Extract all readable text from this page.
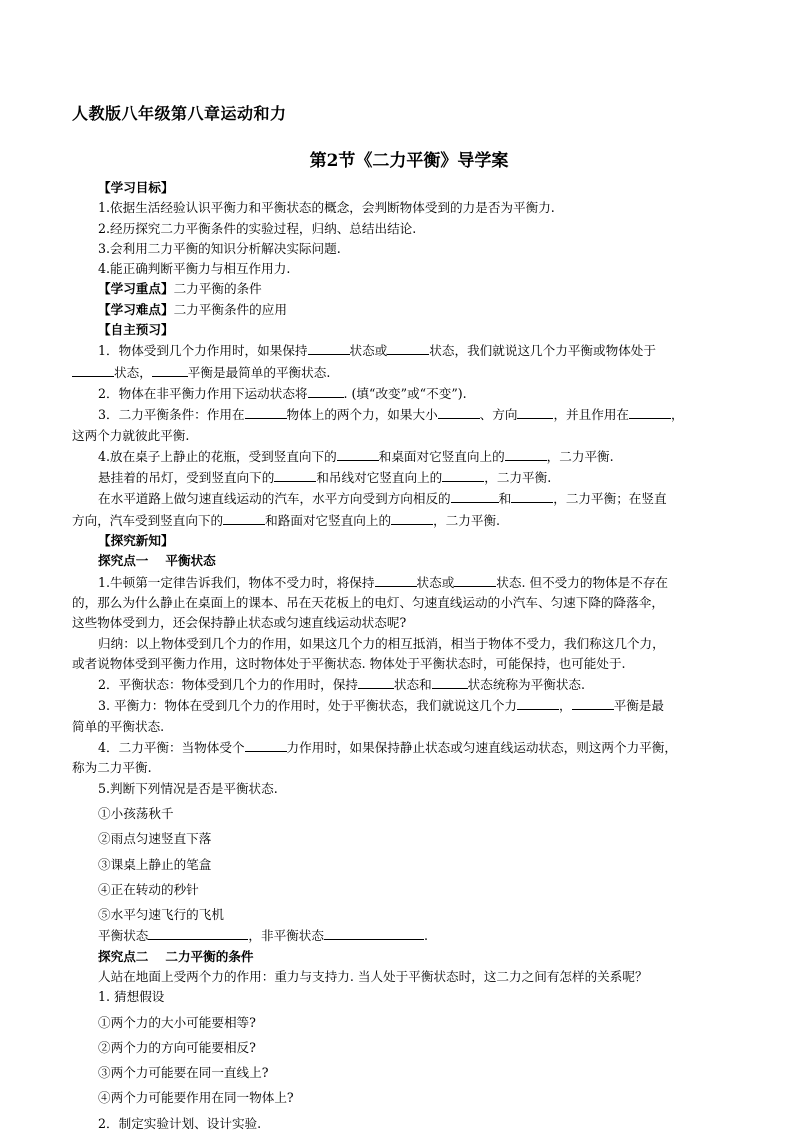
人教版八年级第八章运动和力
第2节《二力平衡》导学案
【学习目标】
1.依据生活经验认识平衡力和平衡状态的概念，会判断物体受到的力是否为平衡力.
2.经历探究二力平衡条件的实验过程，归纳、总结出结论.
3.会利用二力平衡的知识分析解决实际问题.
4.能正确判断平衡力与相互作用力.
【学习重点】二力平衡的条件
【学习难点】二力平衡条件的应用
【自主预习】
1．物体受到几个力作用时，如果保持	状态或	状态，我们就说这几个力平衡或物体处于
状态，	平衡是最简单的平衡状态.
2．物体在非平衡力作用下运动状态将	. (填“改变”或“不变”).
3．二力平衡条件：作用在	物体上的两个力，如果大小	、方向	，并且作用在	，
这两个力就彼此平衡.
4.放在桌子上静止的花瓶，受到竖直向下的	和桌面对它竖直向上的	，二力平衡.
悬挂着的吊灯，受到竖直向下的	和吊线对它竖直向上的	，二力平衡.
在水平道路上做匀速直线运动的汽车，水平方向受到方向相反的	和	，二力平衡；在竖直
方向，汽车受到竖直向下的	和路面对它竖直向上的	，二力平衡.
【探究新知】
探究点一　 平衡状态
1.牛顿第一定律告诉我们，物体不受力时，将保持	状态或	状态. 但不受力的物体是不存在
的，那么为什么静止在桌面上的课本、吊在天花板上的电灯、匀速直线运动的小汽车、匀速下降的降落伞，
这些物体受到力，还会保持静止状态或匀速直线运动状态呢?
归纳：以上物体受到几个力的作用，如果这几个力的相互抵消，相当于物体不受力，我们称这几个力，
或者说物体受到平衡力作用，这时物体处于平衡状态. 物体处于平衡状态时，可能保持，也可能处于.
2．平衡状态：物体受到几个力的作用时，保持	状态和	状态统称为平衡状态.
3. 平衡力：物体在受到几个力的作用时，处于平衡状态，我们就说这几个力	，	平衡是最
简单的平衡状态.
4．二力平衡：当物体受个	力作用时，如果保持静止状态或匀速直线运动状态，则这两个力平衡，
称为二力平衡.
5.判断下列情况是否是平衡状态.
①小孩荡秋千
②雨点匀速竖直下落
③课桌上静止的笔盒
④正在转动的秒针
⑤水平匀速飞行的飞机
平衡状态	，非平衡状态	.
探究点二　 二力平衡的条件
人站在地面上受两个力的作用：重力与支持力. 当人处于平衡状态时，这二力之间有怎样的关系呢？
1. 猜想假设
①两个力的大小可能要相等?
②两个力的方向可能要相反?
③两个力可能要在同一直线上?
④两个力可能要作用在同一物体上?
2．制定实验计划、设计实验.
